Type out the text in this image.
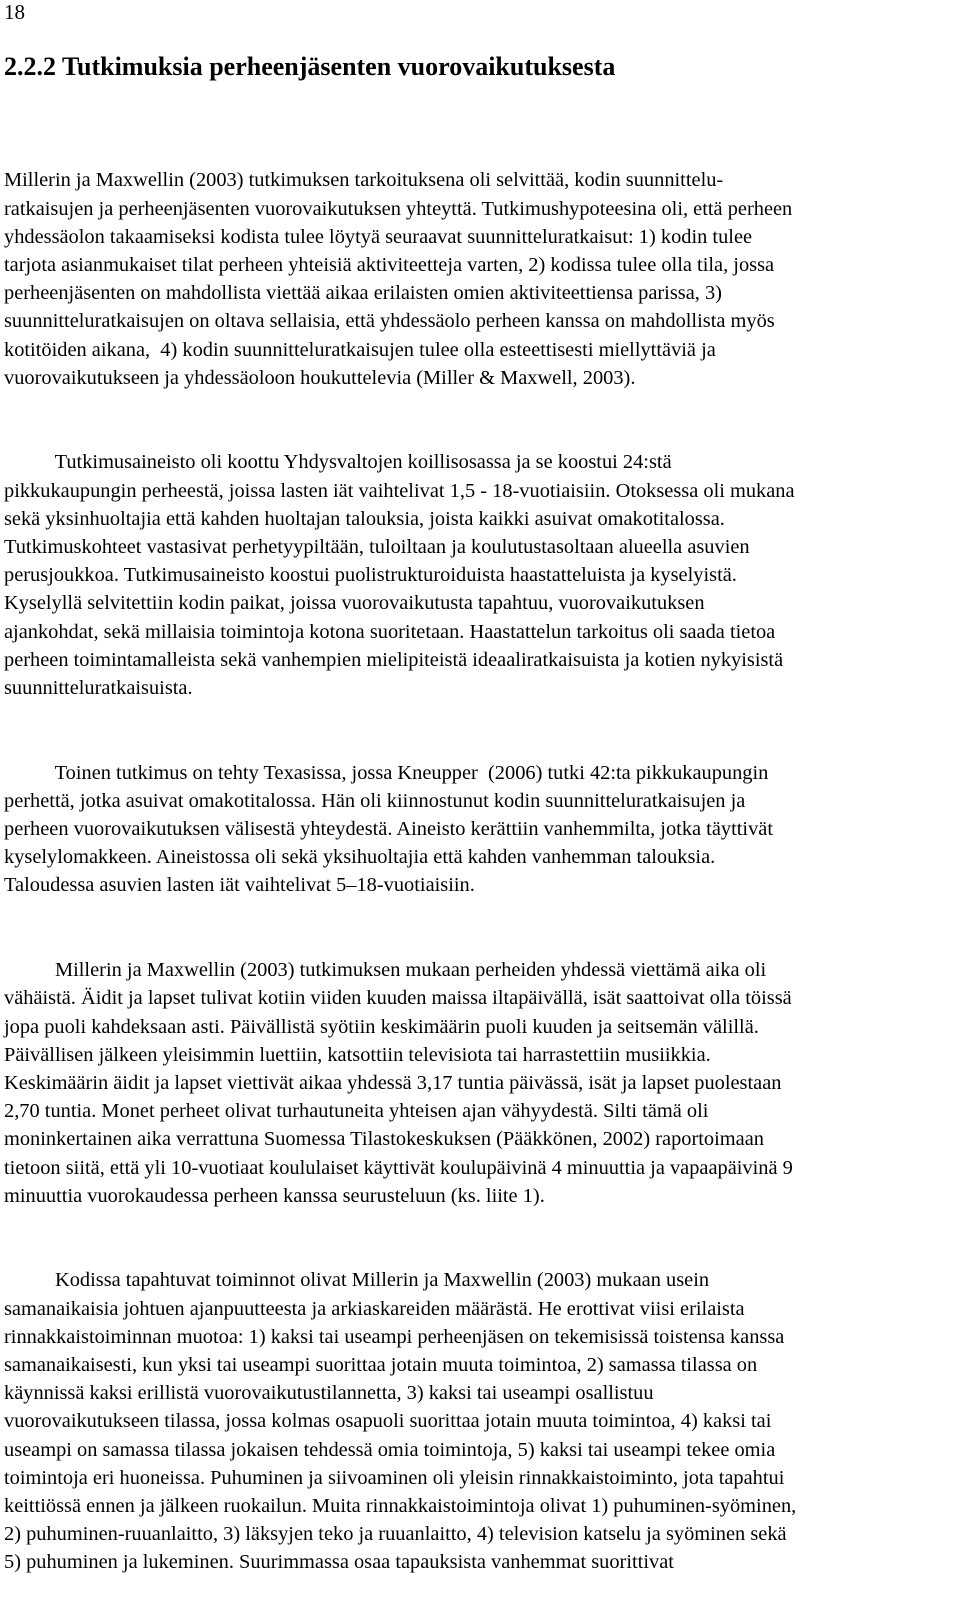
18
2.2.2 Tutkimuksia perheenjäsenten vuorovaikutuksesta

Millerin ja Maxwellin (2003) tutkimuksen tarkoituksena oli selvittää, kodin suunnittelu-
ratkaisujen ja perheenjäsenten vuorovaikutuksen yhteyttä. Tutkimushypoteesina oli, että perheen
yhdessäolon takaamiseksi kodista tulee löytyä seuraavat suunnitteluratkaisut: 1) kodin tulee
tarjota asianmukaiset tilat perheen yhteisiä aktiviteetteja varten, 2) kodissa tulee olla tila, jossa
perheenjäsenten on mahdollista viettää aikaa erilaisten omien aktiviteettiensa parissa, 3)
suunnitteluratkaisujen on oltava sellaisia, että yhdessäolo perheen kanssa on mahdollista myös
kotitöiden aikana,  4) kodin suunnitteluratkaisujen tulee olla esteettisesti miellyttäviä ja
vuorovaikutukseen ja yhdessäoloon houkuttelevia (Miller & Maxwell, 2003).

Tutkimusaineisto oli koottu Yhdysvaltojen koillisosassa ja se koostui 24:stä
pikkukaupungin perheestä, joissa lasten iät vaihtelivat 1,5 - 18-vuotiaisiin. Otoksessa oli mukana
sekä yksinhuoltajia että kahden huoltajan talouksia, joista kaikki asuivat omakotitalossa.
Tutkimuskohteet vastasivat perhetyypiltään, tuloiltaan ja koulutustasoltaan alueella asuvien
perusjoukkoa. Tutkimusaineisto koostui puolistrukturoiduista haastatteluista ja kyselyistä.
Kyselyllä selvitettiin kodin paikat, joissa vuorovaikutusta tapahtuu, vuorovaikutuksen
ajankohdat, sekä millaisia toimintoja kotona suoritetaan. Haastattelun tarkoitus oli saada tietoa
perheen toimintamalleista sekä vanhempien mielipiteistä ideaaliratkaisuista ja kotien nykyisistä
suunnitteluratkaisuista.

Toinen tutkimus on tehty Texasissa, jossa Kneupper  (2006) tutki 42:ta pikkukaupungin
perhettä, jotka asuivat omakotitalossa. Hän oli kiinnostunut kodin suunnitteluratkaisujen ja
perheen vuorovaikutuksen välisestä yhteydestä. Aineisto kerättiin vanhemmilta, jotka täyttivät
kyselylomakkeen. Aineistossa oli sekä yksihuoltajia että kahden vanhemman talouksia.
Taloudessa asuvien lasten iät vaihtelivat 5–18-vuotiaisiin.

Millerin ja Maxwellin (2003) tutkimuksen mukaan perheiden yhdessä viettämä aika oli
vähäistä. Äidit ja lapset tulivat kotiin viiden kuuden maissa iltapäivällä, isät saattoivat olla töissä
jopa puoli kahdeksaan asti. Päivällistä syötiin keskimäärin puoli kuuden ja seitsemän välillä.
Päivällisen jälkeen yleisimmin luettiin, katsottiin televisiota tai harrastettiin musiikkia.
Keskimäärin äidit ja lapset viettivät aikaa yhdessä 3,17 tuntia päivässä, isät ja lapset puolestaan
2,70 tuntia. Monet perheet olivat turhautuneita yhteisen ajan vähyydestä. Silti tämä oli
moninkertainen aika verrattuna Suomessa Tilastokeskuksen (Pääkkönen, 2002) raportoimaan
tietoon siitä, että yli 10-vuotiaat koululaiset käyttivät koulupäivinä 4 minuuttia ja vapaapäivinä 9
minuuttia vuorokaudessa perheen kanssa seurusteluun (ks. liite 1).

Kodissa tapahtuvat toiminnot olivat Millerin ja Maxwellin (2003) mukaan usein
samanaikaisia johtuen ajanpuutteesta ja arkiaskareiden määrästä. He erottivat viisi erilaista
rinnakkaistoiminnan muotoa: 1) kaksi tai useampi perheenjäsen on tekemisissä toistensa kanssa
samanaikaisesti, kun yksi tai useampi suorittaa jotain muuta toimintoa, 2) samassa tilassa on
käynnissä kaksi erillistä vuorovaikutustilannetta, 3) kaksi tai useampi osallistuu
vuorovaikutukseen tilassa, jossa kolmas osapuoli suorittaa jotain muuta toimintoa, 4) kaksi tai
useampi on samassa tilassa jokaisen tehdessä omia toimintoja, 5) kaksi tai useampi tekee omia
toimintoja eri huoneissa. Puhuminen ja siivoaminen oli yleisin rinnakkaistoiminto, jota tapahtui
keittiössä ennen ja jälkeen ruokailun. Muita rinnakkaistoimintoja olivat 1) puhuminen-syöminen,
2) puhuminen-ruuanlaitto, 3) läksyjen teko ja ruuanlaitto, 4) television katselu ja syöminen sekä
5) puhuminen ja lukeminen. Suurimmassa osaa tapauksista vanhemmat suorittivat
